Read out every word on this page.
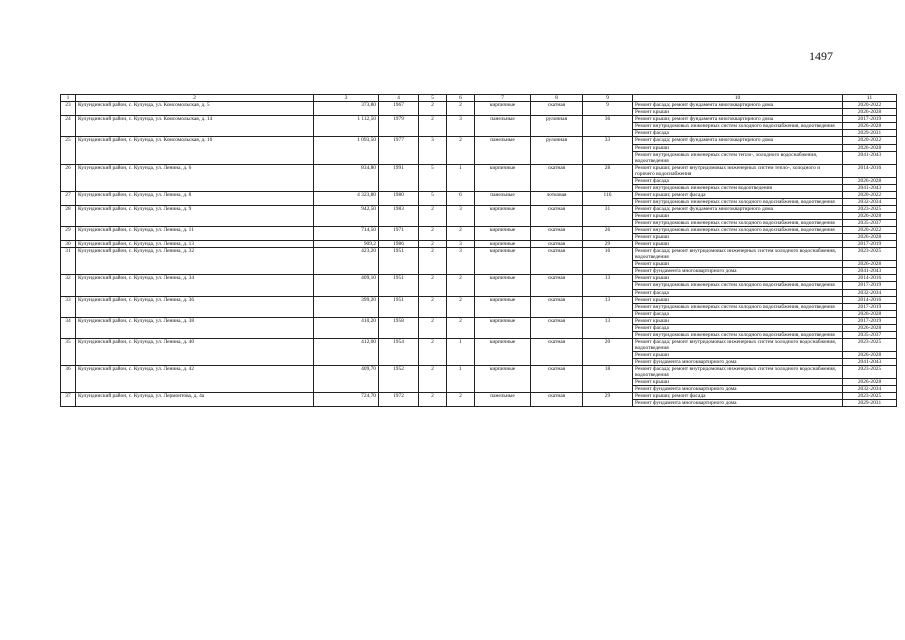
1497
1	2	3	4	5	6	7	8	9	10	11
23	Кулундинский район, с. Кулунда, ул. Комсомольская, д. 5	373,80	1967	2	2	кирпичные	скатная	9	Ремонт фасада; ремонт фундамента многоквартирного дома	2020-2022
									Ремонт крыши	2026-2028
24	Кулундинский район, с. Кулунда, ул. Комсомольская, д. 14	1 112,50	1979	2	3	панельные	рулонная	36	Ремонт крыши; ремонт фундамента многоквартирного дома	2017-2019
									Ремонт внутридомовых инженерных систем холодного водоснабжения, водоотведения	2026-2028
									Ремонт фасада	2029-2031
25	Кулундинский район, с. Кулунда, ул. Комсомольская, д. 16	1 093,50	1977	3	2	панельные	рулонная	33	Ремонт фасада; ремонт фундамента многоквартирного дома	2020-2022
									Ремонт крыши	2026-2028
									Ремонт внутридомовых инженерных систем тепло-, холодного водоснабжения, водоотведения	2041-2043
26	Кулундинский район, с. Кулунда, ул. Ленина, д. 6	834,80	1991	5	1	кирпичные	скатная	28	Ремонт крыши; ремонт внутридомовых инженерных систем тепло-, холодного и горячего водоснабжения	2014-2016
									Ремонт фасада	2026-2028
									Ремонт внутридомовых инженерных систем водоотведения	2041-2043
27	Кулундинский район, с. Кулунда, ул. Ленина, д. 8	4 323,80	1980	5	6	панельные	лотковая	116	Ремонт крыши; ремонт фасада	2020-2022
									Ремонт внутридомовых инженерных систем холодного водоснабжения, водоотведения	2032-2034
28	Кулундинский район, с. Кулунда, ул. Ленина, д. 9	942,50	1983	2	3	кирпичные	скатная	31	Ремонт фасада; ремонт фундамента многоквартирного дома	2023-2025
									Ремонт крыши	2026-2028
									Ремонт внутридомовых инженерных систем холодного водоснабжения, водоотведения	2035-2037
29	Кулундинский район, с. Кулунда, ул. Ленина, д. 11	714,50	1971	2	2	кирпичные	скатная	26	Ремонт внутридомовых инженерных систем холодного водоснабжения, водоотведения	2020-2022
									Ремонт крыши	2026-2028
30	Кулундинский район, с. Кулунда, ул. Ленина, д. 13	909,2	1986	2	3	кирпичные	скатная	29	Ремонт крыши	2017-2019
31	Кулундинский район, с. Кулунда, ул. Ленина, д. 32	423,20	1951	2	3	кирпичные	скатная	16	Ремонт фасада; ремонт внутридомовых инженерных систем холодного водоснабжения, водоотведения	2023-2025
									Ремонт крыши	2026-2028
									Ремонт фундамента многоквартирного дома	2041-2043
32	Кулундинский район, с. Кулунда, ул. Ленина, д. 34	409,10	1951	2	2	кирпичные	скатная	13	Ремонт крыши	2014-2016
									Ремонт внутридомовых инженерных систем холодного водоснабжения, водоотведения	2017-2019
									Ремонт фасада	2032-2034
33	Кулундинский район, с. Кулунда, ул. Ленина, д. 36	399,20	1951	2	2	кирпичные	скатная	13	Ремонт крыши	2014-2016
									Ремонт внутридомовых инженерных систем холодного водоснабжения, водоотведения	2017-2019
									Ремонт фасада	2026-2028
34	Кулундинский район, с. Кулунда, ул. Ленина, д. 38	410,20	1958	2	2	кирпичные	скатная	13	Ремонт крыши	2017-2019
									Ремонт фасада	2026-2028
									Ремонт внутридомовых инженерных систем холодного водоснабжения, водоотведения	2035-2037
35	Кулундинский район, с. Кулунда, ул. Ленина, д. 40	412,00	1954	2	1	кирпичные	скатная	20	Ремонт фасада; ремонт внутридомовых инженерных систем холодного водоснабжения, водоотведения	2023-2025
									Ремонт крыши	2026-2028
									Ремонт фундамента многоквартирного дома	2041-2043
36	Кулундинский район, с. Кулунда, ул. Ленина, д. 42	409,70	1952	2	1	кирпичные	скатная	18	Ремонт фасада; ремонт внутридомовых инженерных систем холодного водоснабжения, водоотведения	2023-2025
									Ремонт крыши	2026-2028
									Ремонт фундамента многоквартирного дома	2032-2034
37	Кулундинский район, с. Кулунда, ул. Лермонтова, д. 4а	724,70	1972	2	2	панельные	скатная	29	Ремонт крыши; ремонт фасада	2023-2025
									Ремонт фундамента многоквартирного дома	2029-2031
